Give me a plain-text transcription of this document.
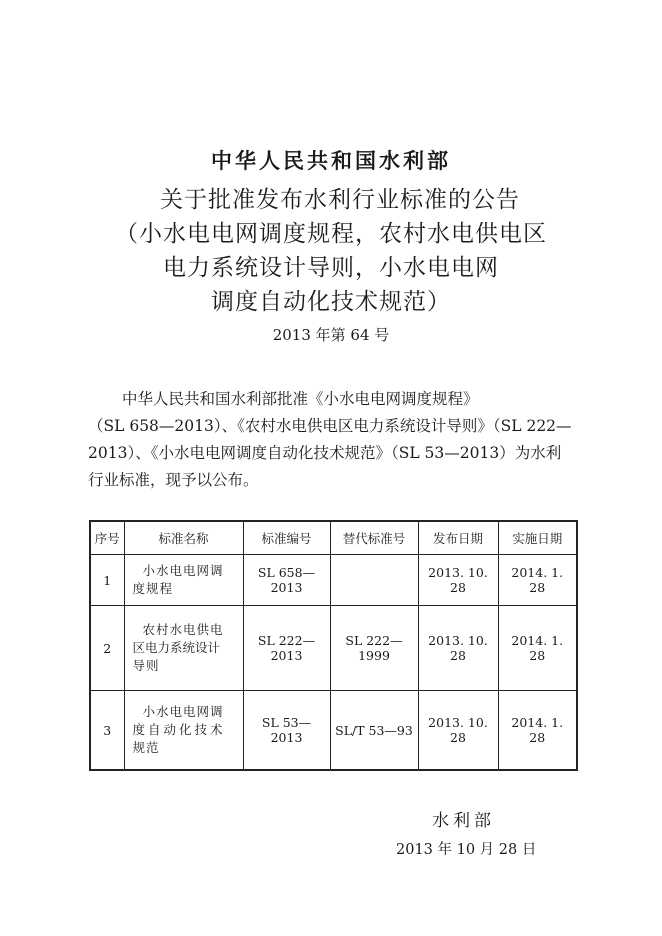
中华人民共和国水利部
关于批准发布水利行业标准的公告
（小水电电网调度规程，农村水电供电区
电力系统设计导则，小水电电网
调度自动化技术规范）
2013 年第 64 号
中华人民共和国水利部批准《小水电电网调度规程》
（SL 658—2013）、《农村水电供电区电力系统设计导则》（SL 222—
2013）、《小水电电网调度自动化技术规范》（SL 53—2013）为水利
行业标准，现予以公布。
序号	标准名称	标准编号	替代标准号	发布日期	实施日期
1	小水电电网调
度规程	SL 658—2013		2013. 10. 28	2014. 1. 28
2	农村水电供电
区电力系统设计
导则	SL 222—2013	SL 222—1999	2013. 10. 28	2014. 1. 28
3	小水电电网调
度自动化技术
规范	SL 53—2013	SL/T 53—93	2013. 10. 28	2014. 1. 28
水利部
2013 年 10 月 28 日
